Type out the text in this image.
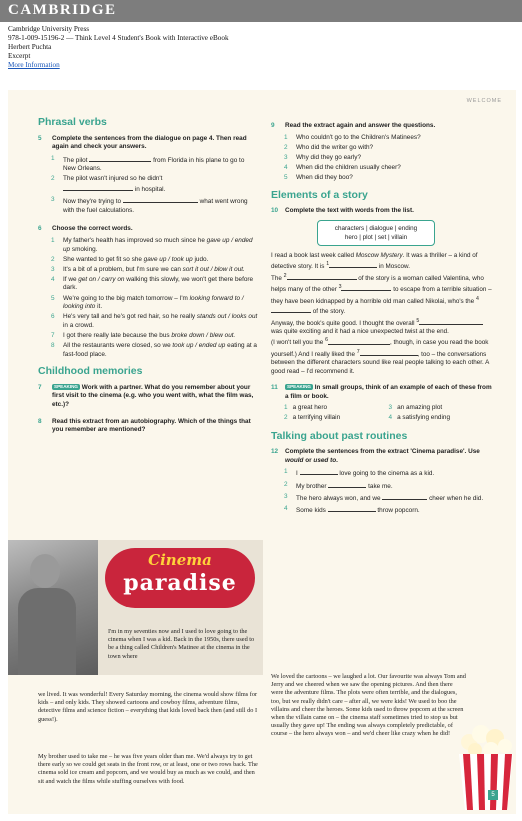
CAMBRIDGE
Cambridge University Press
978-1-009-15196-2 — Think Level 4 Student's Book with Interactive eBook
Herbert Puchta
Excerpt
More Information
WELCOME
Phrasal verbs
5	Complete the sentences from the dialogue on page 4. Then read again and check your answers.
1	The pilot	from Florida in his plane to go to New Orleans.
2	The pilot wasn't injured so he didn't
in hospital.
3	Now they're trying to	what went wrong with the fuel calculations.
6	Choose the correct words.
1	My father's health has improved so much since he gave up / ended up smoking.
2	She wanted to get fit so she gave up / took up judo.
3	It's a bit of a problem, but I'm sure we can sort it out / blow it out.
4	If we get on / carry on walking this slowly, we won't get there before dark.
5	We're going to the big match tomorrow – I'm looking forward to / looking into it.
6	He's very tall and he's got red hair, so he really stands out / looks out in a crowd.
7	I got there really late because the bus broke down / blew out.
8	All the restaurants were closed, so we took up / ended up eating at a fast-food place.
Childhood memories
7	SPEAKING Work with a partner. What do you remember about your first visit to the cinema (e.g. who you went with, what the film was, etc.)?
8	Read this extract from an autobiography. Which of the things that you remember are mentioned?
Cinema
paradise
I'm in my seventies now and I used to love going to the cinema when I was a kid. Back in the 1950s, there used to be a thing called Children's Matinee at the cinema in the town where
we lived. It was wonderful! Every Saturday morning, the cinema would show films for kids – and only kids. They showed cartoons and cowboy films, adventure films, detective films and science fiction – everything that kids loved back then (and still do I guess!).
My brother used to take me – he was five years older than me. We'd always try to get there early so we could get seats in the front row, or at least, one or two rows back. The cinema sold ice cream and popcorn, and we would buy as much as we could, and then sit and watch the films while stuffing ourselves with food.
We loved the cartoons – we laughed a lot. Our favourite was always Tom and Jerry and we cheered when we saw the opening pictures. And then there were the adventure films. The plots were often terrible, and the dialogues, too, but we really didn't care – after all, we were kids! We used to boo the villains and cheer the heroes. Some kids used to throw popcorn at the screen when the villain came on – the cinema staff sometimes tried to stop us but usually they gave up! The ending was always completely predictable, of course – the hero always won – and we'd cheer like crazy when he did!
9	Read the extract again and answer the questions.
1	Who couldn't go to the Children's Matinees?
2	Who did the writer go with?
3	Why did they go early?
4	When did the children usually cheer?
5	When did they boo?
Elements of a story
10 Complete the text with words from the list.
characters | dialogue | ending
hero | plot | set | villain
I read a book last week called Moscow Mystery. It was a thriller – a kind of detective story. It is $^1$	in Moscow.
The $^2$	of the story is a woman called Valentina, who helps many of the other $^3$	to escape from a terrible situation – they have been kidnapped by a horrible old man called Nikolai, who's the $^4$ of the story.
Anyway, the book's quite good. I thought the overall $^5$ was quite exciting and it had a nice unexpected twist at the end.
(I won't tell you the $^6$	, though, in case you read the book yourself.) And I really liked the $^7$	, too – the conversations between the different characters sound like real people talking to each other. A good read – I'd recommend it.
11	SPEAKING In small groups, think of an example of each of these from a film or book.
1 a great hero	3 an amazing plot
2 a terrifying villain	4 a satisfying ending
Talking about past routines
12 Complete the sentences from the extract 'Cinema paradise'. Use would or used to.
1	I	love going to the cinema as a kid.
2	My brother	take me.
3	The hero always won, and we	cheer when he did.
4	Some kids	throw popcorn.
5
